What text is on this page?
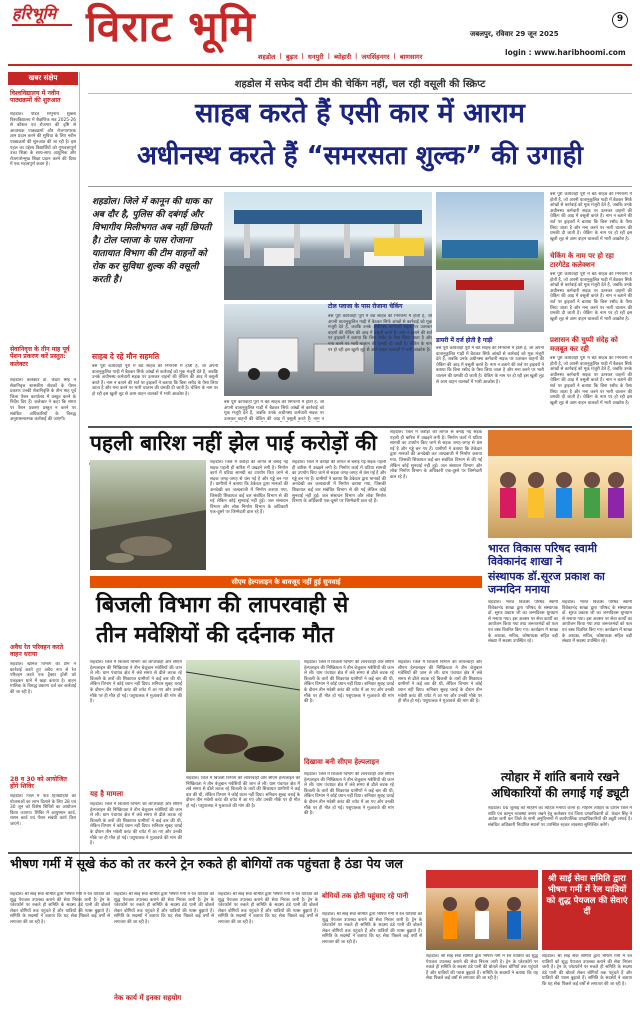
हरिभूमि विराट भूमि	जबलपुर, रविवार 29 जून 2025
9
login : www.haribhoomi.com
शहडोल | बुढ़ार | धनपुरी | ब्योहारी | जयसिंहनगर | बाणसागर
खबर संक्षेप
विश्वविद्यालय में नवीन पाठ्यक्रमों की शुरुआत
शहडोल। पंडित शंभुनाथ शुक्ला विश्वविद्यालय में शैक्षणिक सत्र 2025-26 से कौशल एवं रोजगार की दृष्टि से आवश्यक पाठ्यक्रमों और रोजगारपरक ज्ञान प्रदान करने की सुविधा के लिए नवीन पाठ्यक्रमों की शुरुआत की जा रही है। इस पहल का उद्देश्य विद्यार्थियों को गुणवत्तापूर्ण उच्च शिक्षा के साथ-साथ आधुनिक और रोजगारोन्मुख शिक्षा प्रदान करने की दिशा में एक महत्वपूर्ण कदम है।
सेवानिवृत्त के तीन माह पूर्व पेंशन प्रकरण करें प्रस्तुत: कलेक्टर
शहडोल। कलेक्टर डॉ. केदार सिंह ने सेवानिवृत्त शासकीय सेवकों के पेंशन प्रकरण उनकी सेवानिवृत्ति के तीन माह पूर्व जिला पेंशन कार्यालय में प्रस्तुत करने के निर्देश दिए हैं। कलेक्टर ने कहा कि समय पर पेंशन प्रकरण प्रस्तुत न करने पर संबंधित अधिकारियों के विरुद्ध अनुशासनात्मक कार्रवाई की जाएगी।
अवैध रेत परिवहन करते वाहन धराया
शहडोल। खनिज विभाग की टीम ने कार्रवाई करते हुए अवैध रूप से रेत परिवहन करते एक ट्रैक्टर ट्रॉली को पकड़कर थाने में खड़ा कराया है। वाहन मालिक के विरुद्ध प्रकरण दर्ज कर कार्रवाई की जा रही है।
28 व 30 को आयोजित होंगे शिविर
शहडोल। जिले में पात्र हितग्राहियों को योजनाओं का लाभ दिलाने के लिए 28 एवं 30 जून को विशेष शिविरों का आयोजन किया जाएगा। शिविर में आयुष्मान कार्ड, राशन कार्ड एवं पेंशन संबंधी कार्य किए जाएंगे।
शहडोल में सफेद वर्दी टीम की चेकिंग नहीं, चल रही वसूली की स्क्रिप्ट
साहब करते हैं एसी कार में आराम
अधीनस्थ करते हैं “समरसता शुल्क” की उगाही
शहडोल। जिले में कानून की धाक का अब दौर है, पुलिस की दबंगई और विभागीय मिलीभगत अब नहीं छिपती है। टोल प्लाजा के पास रोजाना यातायात विभाग की टीम वाहनों को रोक कर सुविधा शुल्क की वसूली करती है।
टोल प्लाजा के पास रोजाना चेकिंग
डायरी में दर्ज होती है गाड़ी
साहब दे रहे मौन सहमति
बस पूरी कार्यवाही पूरी में बैठे साहब की निगरानी में होती है, जो अपनी वातानुकूलित गाड़ी में बैठकर सिर्फ आंखों से कार्रवाई को मूक मंजूरी देते हैं, जबकि उनके अधीनस्थ कर्मचारी सड़क पर उतरकर वाहनों की चेकिंग की आड़ में वसूली करते हैं। नाम न बताने की शर्त पर ड्राइवरों ने बताया कि बिना रसीद के पैसा लिया जाता है और मना करने पर भारी चालान की धमकी दी जाती है। चेकिंग के नाम पर हो रही इस खुली लूट से आम वाहन चालकों में भारी आक्रोश है।
बस पूरी कार्यवाही पूरी में बैठे साहब की निगरानी में होती है, जो अपनी वातानुकूलित गाड़ी में बैठकर सिर्फ आंखों से कार्रवाई को मूक मंजूरी देते हैं, जबकि उनके अधीनस्थ कर्मचारी सड़क पर उतरकर वाहनों की चेकिंग की आड़ में वसूली करते हैं। नाम न
बस पूरी कार्यवाही पूरी में बैठे साहब की निगरानी में होती है, जो अपनी वातानुकूलित गाड़ी में बैठकर सिर्फ आंखों से कार्रवाई को मूक मंजूरी देते हैं, जबकि उनके अधीनस्थ कर्मचारी सड़क पर उतरकर वाहनों की चेकिंग की आड़ में वसूली करते हैं। नाम न बताने की शर्त पर ड्राइवरों ने बताया कि बिना रसीद के पैसा लिया जाता है और मना करने पर भारी चालान की धमकी दी जाती है। चेकिंग के नाम पर हो रही इस खुली लूट से आम वाहन चालकों में भारी आक्रोश है।	बस पूरी कार्यवाही पूरी में बैठे साहब की निगरानी में होती है, जो अपनी वातानुकूलित गाड़ी में बैठकर सिर्फ आंखों से कार्रवाई को मूक मंजूरी देते हैं, जबकि उनके अधीनस्थ कर्मचारी सड़क पर उतरकर वाहनों की चेकिंग की आड़ में वसूली करते हैं। नाम न बताने की शर्त पर ड्राइवरों ने बताया कि बिना रसीद के पैसा लिया जाता है और मना करने पर भारी चालान की धमकी दी जाती है। चेकिंग के नाम पर हो रही इस खुली लूट से आम वाहन चालकों में भारी आक्रोश है।
बस पूरी कार्यवाही पूरी में बैठे साहब की निगरानी में होती है, जो अपनी वातानुकूलित गाड़ी में बैठकर सिर्फ आंखों से कार्रवाई को मूक मंजूरी देते हैं, जबकि उनके अधीनस्थ कर्मचारी सड़क पर उतरकर वाहनों की चेकिंग की आड़ में वसूली करते हैं। नाम न बताने की शर्त पर ड्राइवरों ने बताया कि बिना रसीद के पैसा लिया जाता है और मना करने पर भारी चालान की धमकी दी जाती है। चेकिंग के नाम पर हो रही इस खुली लूट से आम वाहन चालकों में भारी आक्रोश है।
चेकिंग के नाम पर हो रहा टारगेटेड कलेक्शन
बस पूरी कार्यवाही पूरी में बैठे साहब की निगरानी में होती है, जो अपनी वातानुकूलित गाड़ी में बैठकर सिर्फ आंखों से कार्रवाई को मूक मंजूरी देते हैं, जबकि उनके अधीनस्थ कर्मचारी सड़क पर उतरकर वाहनों की चेकिंग की आड़ में वसूली करते हैं। नाम न बताने की शर्त पर ड्राइवरों ने बताया कि बिना रसीद के पैसा लिया जाता है और मना करने पर भारी चालान की धमकी दी जाती है। चेकिंग के नाम पर हो रही इस खुली लूट से आम वाहन चालकों में भारी आक्रोश है।
प्रशासन की चुप्पी संदेह को मजबूत कर रही
बस पूरी कार्यवाही पूरी में बैठे साहब की निगरानी में होती है, जो अपनी वातानुकूलित गाड़ी में बैठकर सिर्फ आंखों से कार्रवाई को मूक मंजूरी देते हैं, जबकि उनके अधीनस्थ कर्मचारी सड़क पर उतरकर वाहनों की चेकिंग की आड़ में वसूली करते हैं। नाम न बताने की शर्त पर ड्राइवरों ने बताया कि बिना रसीद के पैसा लिया जाता है और मना करने पर भारी चालान की धमकी दी जाती है। चेकिंग के नाम पर हो रही इस खुली लूट से आम वाहन चालकों में भारी आक्रोश है।
पहली बारिश नहीं झेल पाई करोड़ों की
शहडोल। जिले में करोड़ों की लागत से बनाई गई सड़क पहली ही बारिश में उखड़ने लगी है। निर्माण कार्य में घटिया सामग्री का उपयोग किए जाने से सड़क जगह-जगह से धंस गई है और गड्ढे बन गए हैं। ग्रामीणों ने बताया कि ठेकेदार द्वारा मानकों की अनदेखी कर जल्दबाजी में निर्माण कराया गया, जिसकी शिकायत कई बार संबंधित विभाग से की गई लेकिन कोई सुनवाई नहीं हुई। जल संसाधन विभाग और लोक निर्माण विभाग के अधिकारी एक-दूसरे पर जिम्मेदारी डाल रहे हैं।
शहडोल। जिले में करोड़ों की लागत से बनाई गई सड़क पहली ही बारिश में उखड़ने लगी है। निर्माण कार्य में घटिया सामग्री का उपयोग किए जाने से सड़क जगह-जगह से धंस गई है और गड्ढे बन गए हैं। ग्रामीणों ने बताया कि ठेकेदार द्वारा मानकों की अनदेखी कर जल्दबाजी में निर्माण कराया गया, जिसकी शिकायत कई बार संबंधित विभाग से की गई लेकिन कोई सुनवाई नहीं हुई। जल संसाधन विभाग और लोक निर्माण विभाग के अधिकारी एक-दूसरे पर जिम्मेदारी डाल रहे हैं।
शहडोल। जिले में करोड़ों की लागत से बनाई गई सड़क पहली ही बारिश में उखड़ने लगी है। निर्माण कार्य में घटिया सामग्री का उपयोग किए जाने से सड़क जगह-जगह से धंस गई है और गड्ढे बन गए हैं। ग्रामीणों ने बताया कि ठेकेदार द्वारा मानकों की अनदेखी कर जल्दबाजी में निर्माण कराया गया, जिसकी शिकायत कई बार संबंधित विभाग से की गई लेकिन कोई सुनवाई नहीं हुई। जल संसाधन विभाग और लोक निर्माण विभाग के अधिकारी एक-दूसरे पर जिम्मेदारी डाल रहे हैं।
सीएम हेल्पलाइन के बावजूद नहीं हुई सुनवाई
बिजली विभाग की लापरवाही से
तीन मवेशियों की दर्दनाक मौत
शहडोल। जिले में बिजली विभाग की लापरवाही और सीएम हेल्पलाइन की निष्क्रियता ने तीन बेजुबान मवेशियों की जान ले ली। ग्राम पंचायत क्षेत्र में लंबे समय से ढीले लटक रहे बिजली के तारों की शिकायत ग्रामीणों ने कई बार की थी, लेकिन विभाग ने कोई ध्यान नहीं दिया। शनिवार सुबह चराई के दौरान तीन मवेशी करंट की चपेट में आ गए और उनकी मौके पर ही मौत हो गई। पशुपालक ने मुआवजे की मांग की है।
यह है मामला
शहडोल। जिले में बिजली विभाग की लापरवाही और सीएम हेल्पलाइन की निष्क्रियता ने तीन बेजुबान मवेशियों की जान ले ली। ग्राम पंचायत क्षेत्र में लंबे समय से ढीले लटक रहे बिजली के तारों की शिकायत ग्रामीणों ने कई बार की थी, लेकिन विभाग ने कोई ध्यान नहीं दिया। शनिवार सुबह चराई के दौरान तीन मवेशी करंट की चपेट में आ गए और उनकी मौके पर ही मौत हो गई। पशुपालक ने मुआवजे की मांग की है।
शहडोल। जिले में बिजली विभाग की लापरवाही और सीएम हेल्पलाइन की निष्क्रियता ने तीन बेजुबान मवेशियों की जान ले ली। ग्राम पंचायत क्षेत्र में लंबे समय से ढीले लटक रहे बिजली के तारों की शिकायत ग्रामीणों ने कई बार की थी, लेकिन विभाग ने कोई ध्यान नहीं दिया। शनिवार सुबह चराई के दौरान तीन मवेशी करंट की चपेट में आ गए और उनकी मौके पर ही मौत हो गई। पशुपालक ने मुआवजे की मांग की है।
शहडोल। जिले में बिजली विभाग की लापरवाही और सीएम हेल्पलाइन की निष्क्रियता ने तीन बेजुबान मवेशियों की जान ले ली। ग्राम पंचायत क्षेत्र में लंबे समय से ढीले लटक रहे बिजली के तारों की शिकायत ग्रामीणों ने कई बार की थी, लेकिन विभाग ने कोई ध्यान नहीं दिया। शनिवार सुबह चराई के दौरान तीन मवेशी करंट की चपेट में आ गए और उनकी मौके पर ही मौत हो गई। पशुपालक ने मुआवजे की मांग की है।
दिखावा बनी सीएम हेल्पलाइन
शहडोल। जिले में बिजली विभाग की लापरवाही और सीएम हेल्पलाइन की निष्क्रियता ने तीन बेजुबान मवेशियों की जान ले ली। ग्राम पंचायत क्षेत्र में लंबे समय से ढीले लटक रहे बिजली के तारों की शिकायत ग्रामीणों ने कई बार की थी, लेकिन विभाग ने कोई ध्यान नहीं दिया। शनिवार सुबह चराई के दौरान तीन मवेशी करंट की चपेट में आ गए और उनकी मौके पर ही मौत हो गई। पशुपालक ने मुआवजे की मांग की है।
शहडोल। जिले में बिजली विभाग की लापरवाही और सीएम हेल्पलाइन की निष्क्रियता ने तीन बेजुबान मवेशियों की जान ले ली। ग्राम पंचायत क्षेत्र में लंबे समय से ढीले लटक रहे बिजली के तारों की शिकायत ग्रामीणों ने कई बार की थी, लेकिन विभाग ने कोई ध्यान नहीं दिया। शनिवार सुबह चराई के दौरान तीन मवेशी करंट की चपेट में आ गए और उनकी मौके पर ही मौत हो गई। पशुपालक ने मुआवजे की मांग की है।
भारत विकास परिषद स्वामी विवेकानंद शाखा ने
संस्थापक डॉ.सूरज प्रकाश का जन्मदिन मनाया
शहडोल। भारत विकास परिषद स्वामी विवेकानंद शाखा द्वारा परिषद के संस्थापक डॉ. सूरज प्रकाश जी का जन्मदिवस धूमधाम से मनाया गया। इस अवसर पर सेवा कार्यों का आयोजन किया गया तथा जरूरतमंदों को फल एवं वस्त्र वितरित किए गए। कार्यक्रम में शाखा के अध्यक्ष, सचिव, कोषाध्यक्ष सहित बड़ी संख्या में सदस्य उपस्थित रहे।
शहडोल। भारत विकास परिषद स्वामी विवेकानंद शाखा द्वारा परिषद के संस्थापक डॉ. सूरज प्रकाश जी का जन्मदिवस धूमधाम से मनाया गया। इस अवसर पर सेवा कार्यों का आयोजन किया गया तथा जरूरतमंदों को फल एवं वस्त्र वितरित किए गए। कार्यक्रम में शाखा के अध्यक्ष, सचिव, कोषाध्यक्ष सहित बड़ी संख्या में सदस्य उपस्थित रहे।
त्योहार में शांति बनाये रखने
अधिकारियों की लगाई गई ड्यूटी
शहडोल। 06 जुलाई को मोहर्रम का त्यौहार मनाया जाना है। मोहर्रम त्यौहार के दौरान जिले में शांति एवं कानून व्यवस्था बनाए रखने हेतु कलेक्टर एवं जिला दण्डाधिकारी डॉ. केदार सिंह ने आदेश जारी कर जिले के सभी अनुविभागों में कार्यपालिक दण्डाधिकारियों की ड्यूटी लगाई है। संबंधित अधिकारी निर्धारित स्थानों पर उपस्थित रहकर व्यवस्था सुनिश्चित करेंगे।
भीषण गर्मी में सूखे कंठ को तर करने ट्रेन रुकते ही बोगियों तक पहुंचता है ठंडा पेय जल
शहडोल। श्री साईं सेवा समिति द्वारा भीषण गर्मी में रेल यात्रियों को शुद्ध पेयजल उपलब्ध कराने की सेवा निरंतर जारी है। ट्रेन के प्लेटफॉर्म पर रुकते ही समिति के सदस्य ठंडे पानी की बोतलें लेकर बोगियों तक पहुंचते हैं और यात्रियों की प्यास बुझाते हैं। समिति के सदस्यों ने बताया कि यह सेवा पिछले कई वर्षों से लगातार की जा रही है।
शहडोल। श्री साईं सेवा समिति द्वारा भीषण गर्मी में रेल यात्रियों को शुद्ध पेयजल उपलब्ध कराने की सेवा निरंतर जारी है। ट्रेन के प्लेटफॉर्म पर रुकते ही समिति के सदस्य ठंडे पानी की बोतलें लेकर बोगियों तक पहुंचते हैं और यात्रियों की प्यास बुझाते हैं। समिति के सदस्यों ने बताया कि यह सेवा पिछले कई वर्षों से लगातार की जा रही है।
नेक कार्य में इनका सहयोग
शहडोल। श्री साईं सेवा समिति द्वारा भीषण गर्मी में रेल यात्रियों को शुद्ध पेयजल उपलब्ध कराने की सेवा निरंतर जारी है। ट्रेन के प्लेटफॉर्म पर रुकते ही समिति के सदस्य ठंडे पानी की बोतलें लेकर बोगियों तक पहुंचते हैं और यात्रियों की प्यास बुझाते हैं। समिति के सदस्यों ने बताया कि यह सेवा पिछले कई वर्षों से लगातार की जा रही है।
बोगियों तक होती पहुंचाए रहे पानी
शहडोल। श्री साईं सेवा समिति द्वारा भीषण गर्मी में रेल यात्रियों को शुद्ध पेयजल उपलब्ध कराने की सेवा निरंतर जारी है। ट्रेन के प्लेटफॉर्म पर रुकते ही समिति के सदस्य ठंडे पानी की बोतलें लेकर बोगियों तक पहुंचते हैं और यात्रियों की प्यास बुझाते हैं। समिति के सदस्यों ने बताया कि यह सेवा पिछले कई वर्षों से लगातार की जा रही है।
शहडोल। श्री साईं सेवा समिति द्वारा भीषण गर्मी में रेल यात्रियों को शुद्ध पेयजल उपलब्ध कराने की सेवा निरंतर जारी है। ट्रेन के प्लेटफॉर्म पर रुकते ही समिति के सदस्य ठंडे पानी की बोतलें लेकर बोगियों तक पहुंचते हैं और यात्रियों की प्यास बुझाते हैं। समिति के सदस्यों ने बताया कि यह सेवा पिछले कई वर्षों से लगातार की जा रही है।
श्री साईं सेवा समिति द्वारा भीषण गर्मी में रेल यात्रियों को शुद्ध पेयजल की सेवाएं दीं
शहडोल। श्री साईं सेवा समिति द्वारा भीषण गर्मी में रेल यात्रियों को शुद्ध पेयजल उपलब्ध कराने की सेवा निरंतर जारी है। ट्रेन के प्लेटफॉर्म पर रुकते ही समिति के सदस्य ठंडे पानी की बोतलें लेकर बोगियों तक पहुंचते हैं और यात्रियों की प्यास बुझाते हैं। समिति के सदस्यों ने बताया कि यह सेवा पिछले कई वर्षों से लगातार की जा रही है।
